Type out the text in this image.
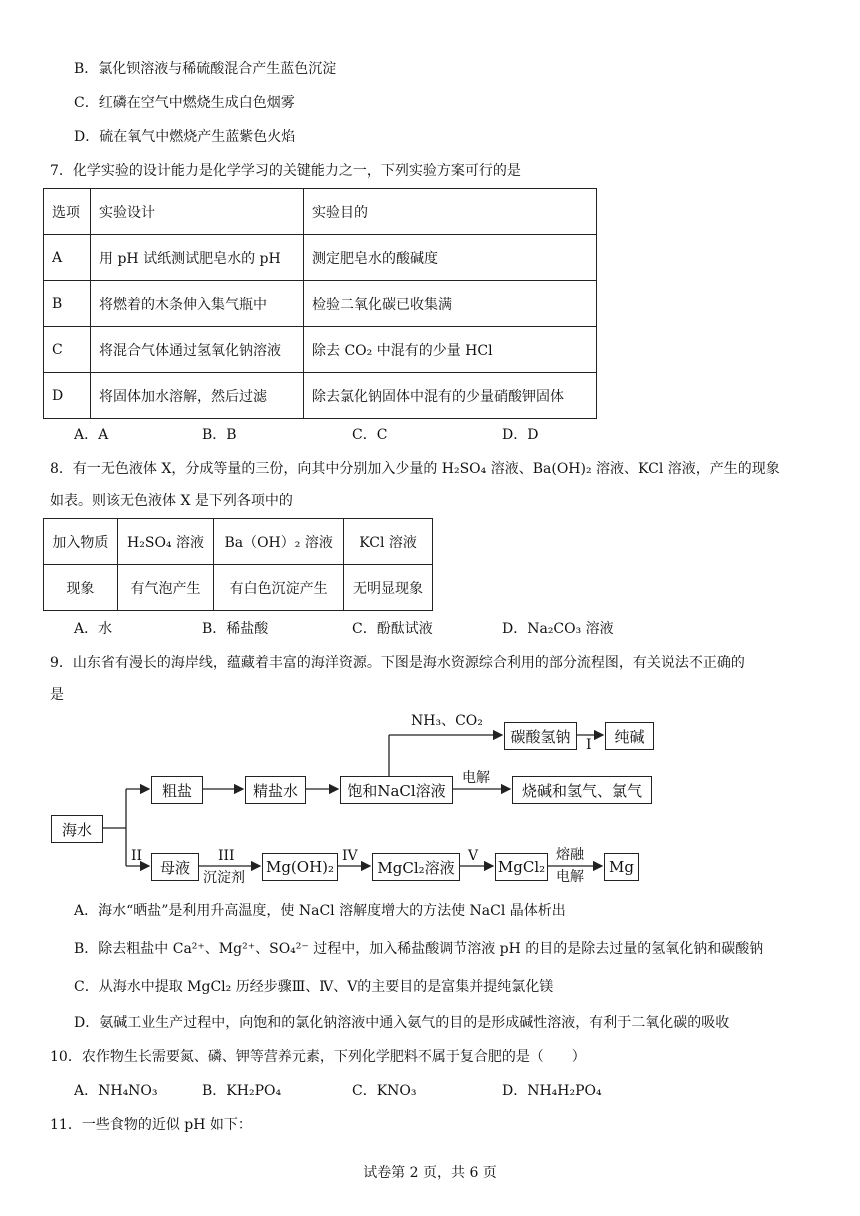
B．氯化钡溶液与稀硫酸混合产生蓝色沉淀
C．红磷在空气中燃烧生成白色烟雾
D．硫在氧气中燃烧产生蓝紫色火焰
7．化学实验的设计能力是化学学习的关键能力之一，下列实验方案可行的是
选项	实验设计	实验目的
A	用 pH 试纸测试肥皂水的 pH	测定肥皂水的酸碱度
B	将燃着的木条伸入集气瓶中	检验二氧化碳已收集满
C	将混合气体通过氢氧化钠溶液	除去 CO₂ 中混有的少量 HCl
D	将固体加水溶解，然后过滤	除去氯化钠固体中混有的少量硝酸钾固体
A．A	B．B	C．C	D．D
8．有一无色液体 X，分成等量的三份，向其中分别加入少量的 H₂SO₄ 溶液、Ba(OH)₂ 溶液、KCl 溶液，产生的现象
如表。则该无色液体 X 是下列各项中的
加入物质	H₂SO₄ 溶液	Ba（OH）₂ 溶液	KCl 溶液
现象	有气泡产生	有白色沉淀产生	无明显现象
A．水	B．稀盐酸	C．酚酞试液	D．Na₂CO₃ 溶液
9．山东省有漫长的海岸线，蕴藏着丰富的海洋资源。下图是海水资源综合利用的部分流程图，有关说法不正确的
是
海水
粗盐	精盐水	饱和NaCl溶液
碳酸氢钠	纯碱
烧碱和氢气、氯气
母液	Mg(OH)₂	MgCl₂溶液	MgCl₂	Mg
NH₃、CO₂
电解
I
II	III
沉淀剂
IV	V	熔融
电解
A．海水“晒盐”是利用升高温度，使 NaCl 溶解度增大的方法使 NaCl 晶体析出
B．除去粗盐中 Ca²⁺、Mg²⁺、SO₄²⁻ 过程中，加入稀盐酸调节溶液 pH 的目的是除去过量的氢氧化钠和碳酸钠
C．从海水中提取 MgCl₂ 历经步骤Ⅲ、Ⅳ、Ⅴ的主要目的是富集并提纯氯化镁
D．氨碱工业生产过程中，向饱和的氯化钠溶液中通入氨气的目的是形成碱性溶液，有利于二氧化碳的吸收
10．农作物生长需要氮、磷、钾等营养元素，下列化学肥料不属于复合肥的是（　　）
A．NH₄NO₃	B．KH₂PO₄	C．KNO₃	D．NH₄H₂PO₄
11．一些食物的近似 pH 如下：
试卷第 2 页，共 6 页
